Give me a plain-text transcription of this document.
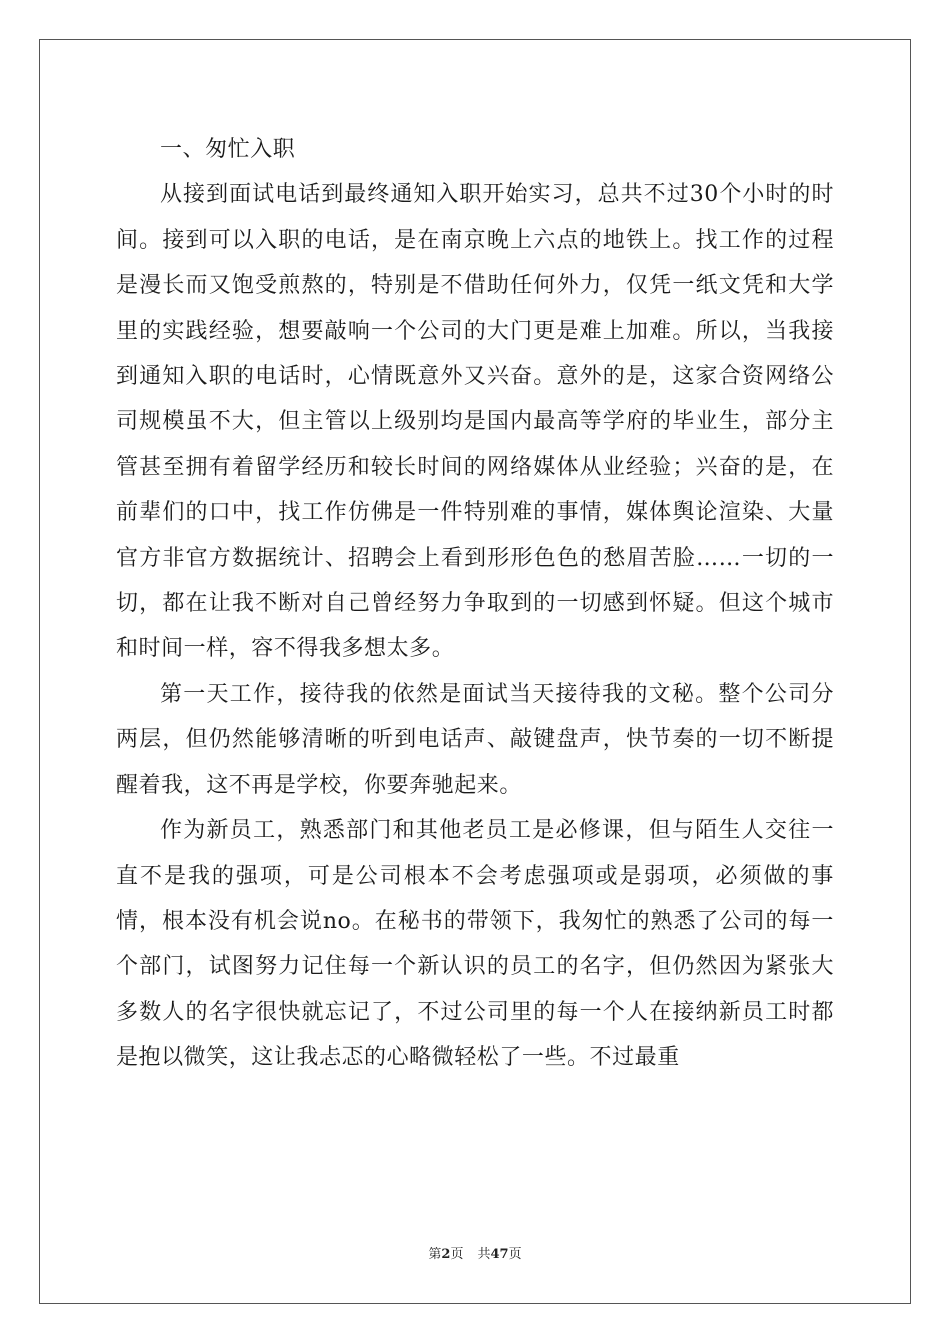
一、匆忙入职

从接到面试电话到最终通知入职开始实习，总共不过30个小时的时间。接到可以入职的电话，是在南京晚上六点的地铁上。找工作的过程是漫长而又饱受煎熬的，特别是不借助任何外力，仅凭一纸文凭和大学里的实践经验，想要敲响一个公司的大门更是难上加难。所以，当我接到通知入职的电话时，心情既意外又兴奋。意外的是，这家合资网络公司规模虽不大，但主管以上级别均是国内最高等学府的毕业生，部分主管甚至拥有着留学经历和较长时间的网络媒体从业经验；兴奋的是，在前辈们的口中，找工作仿佛是一件特别难的事情，媒体舆论渲染、大量官方非官方数据统计、招聘会上看到形形色色的愁眉苦脸……一切的一切，都在让我不断对自己曾经努力争取到的一切感到怀疑。但这个城市和时间一样，容不得我多想太多。

第一天工作，接待我的依然是面试当天接待我的文秘。整个公司分两层，但仍然能够清晰的听到电话声、敲键盘声，快节奏的一切不断提醒着我，这不再是学校，你要奔驰起来。

作为新员工，熟悉部门和其他老员工是必修课，但与陌生人交往一直不是我的强项，可是公司根本不会考虑强项或是弱项，必须做的事情，根本没有机会说no。在秘书的带领下，我匆忙的熟悉了公司的每一个部门，试图努力记住每一个新认识的员工的名字，但仍然因为紧张大多数人的名字很快就忘记了，不过公司里的每一个人在接纳新员工时都是抱以微笑，这让我忐忑的心略微轻松了一些。不过最重

第2页 共47页
